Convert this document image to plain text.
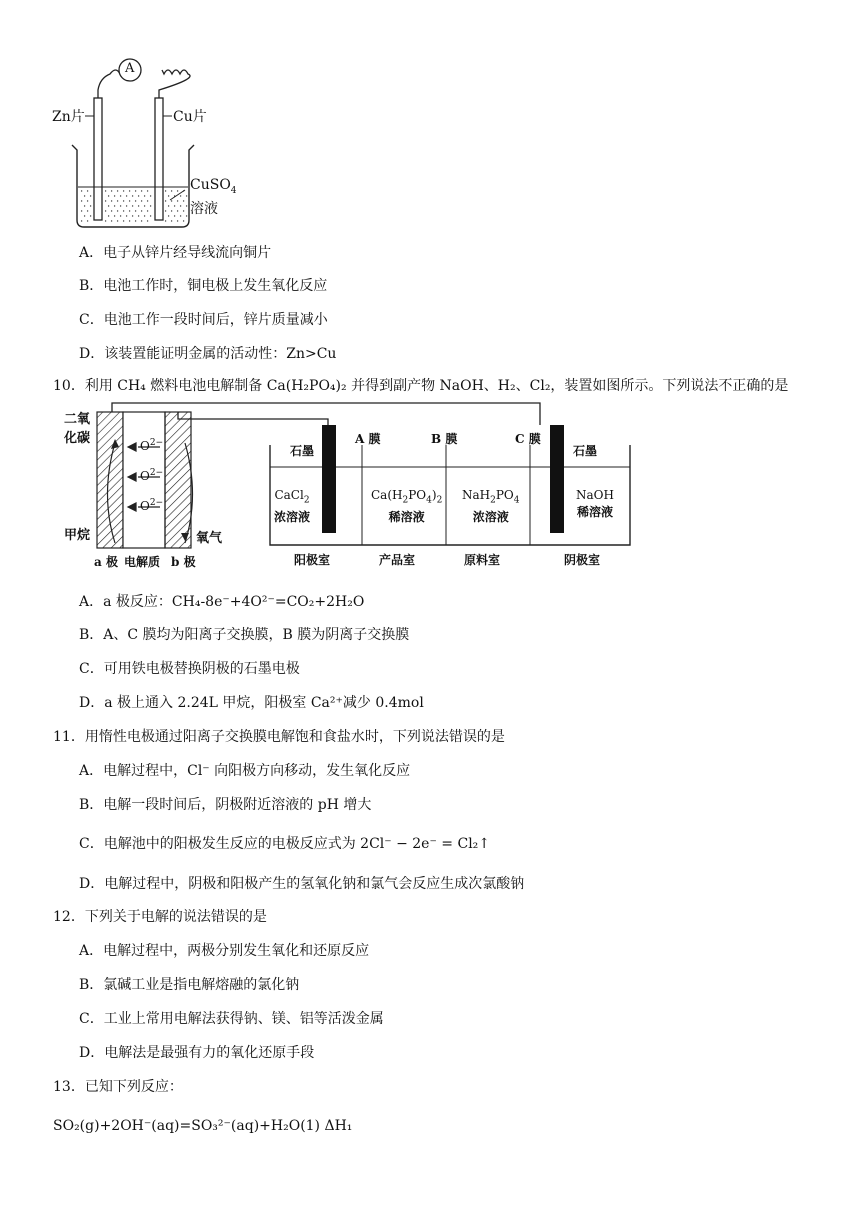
A
Zn片	Cu片
CuSO$_4$
溶液
A．电子从锌片经导线流向铜片
B．电池工作时，铜电极上发生氧化反应
C．电池工作一段时间后，锌片质量减小
D．该装置能证明金属的活动性：Zn>Cu
10．利用 CH₄ 燃料电池电解制备 Ca(H₂PO₄)₂ 并得到副产物 NaOH、H₂、Cl₂，装置如图所示。下列说法不正确的是
二氧
化碳
甲烷	氧气
$O^{2-}$
$O^{2-}$
$O^{2-}$
a 极 电解质 b 极
石墨
A 膜	B 膜	C 膜
石墨
CaCl$_2$
浓溶液
$Ca(H_2PO_4)_2$
稀溶液
$NaH_2PO_4$
浓溶液
NaOH
稀溶液
阳极室	产品室	原料室	阴极室
A．a 极反应：CH₄-8e⁻+4O²⁻=CO₂+2H₂O
B．A、C 膜均为阳离子交换膜，B 膜为阴离子交换膜
C．可用铁电极替换阴极的石墨电极
D．a 极上通入 2.24L 甲烷，阳极室 Ca²⁺减少 0.4mol
11．用惰性电极通过阳离子交换膜电解饱和食盐水时，下列说法错误的是
A．电解过程中，Cl⁻ 向阳极方向移动，发生氧化反应
B．电解一段时间后，阴极附近溶液的 pH 增大
C．电解池中的阳极发生反应的电极反应式为 2Cl⁻ − 2e⁻ = Cl₂↑
D．电解过程中，阴极和阳极产生的氢氧化钠和氯气会反应生成次氯酸钠
12．下列关于电解的说法错误的是
A．电解过程中，两极分别发生氧化和还原反应
B．氯碱工业是指电解熔融的氯化钠
C．工业上常用电解法获得钠、镁、铝等活泼金属
D．电解法是最强有力的氧化还原手段
13．已知下列反应：
SO₂(g)+2OH⁻(aq)=SO₃²⁻(aq)+H₂O(1) ΔH₁
